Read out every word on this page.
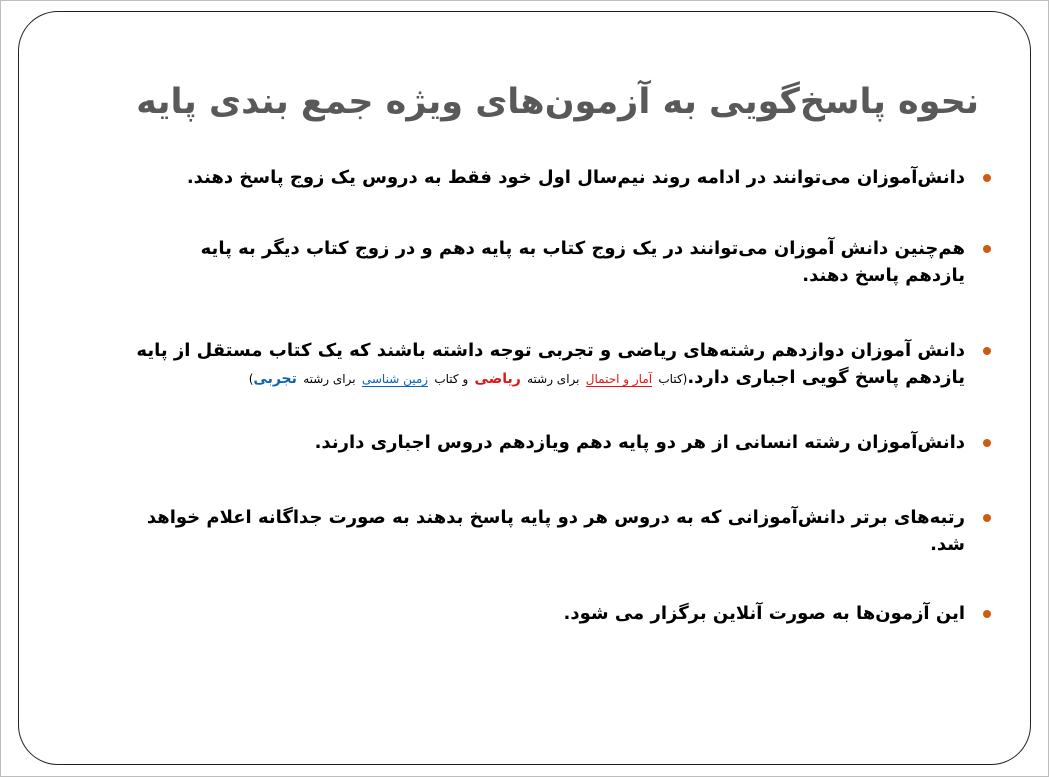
نحوه پاسخ‌گویی به آزمون‌های ویژه جمع بندی پایه
دانش‌آموزان می‌توانند در ادامه روند نیم‌سال اول خود فقط به دروس یک زوج پاسخ دهند.
هم‌چنین دانش آموزان می‌توانند در یک زوج کتاب به پایه دهم و در زوج کتاب دیگر به پایه
یازدهم پاسخ دهند.
دانش آموزان دوازدهم رشته‌های ریاضی و تجربی توجه داشته باشند که یک کتاب مستقل از پایه
یازدهم پاسخ گویی اجباری دارد.(کتاب آمار و احتمال برای رشته ریاضی و کتاب زمین شناسی برای رشته تجربی)
دانش‌آموزان رشته انسانی از هر دو پایه دهم ویازدهم دروس اجباری دارند.
رتبه‌های برتر دانش‌آموزانی که به دروس هر دو پایه پاسخ بدهند به صورت جداگانه اعلام خواهد
شد.
این آزمون‌ها به صورت آنلاین برگزار می شود.
